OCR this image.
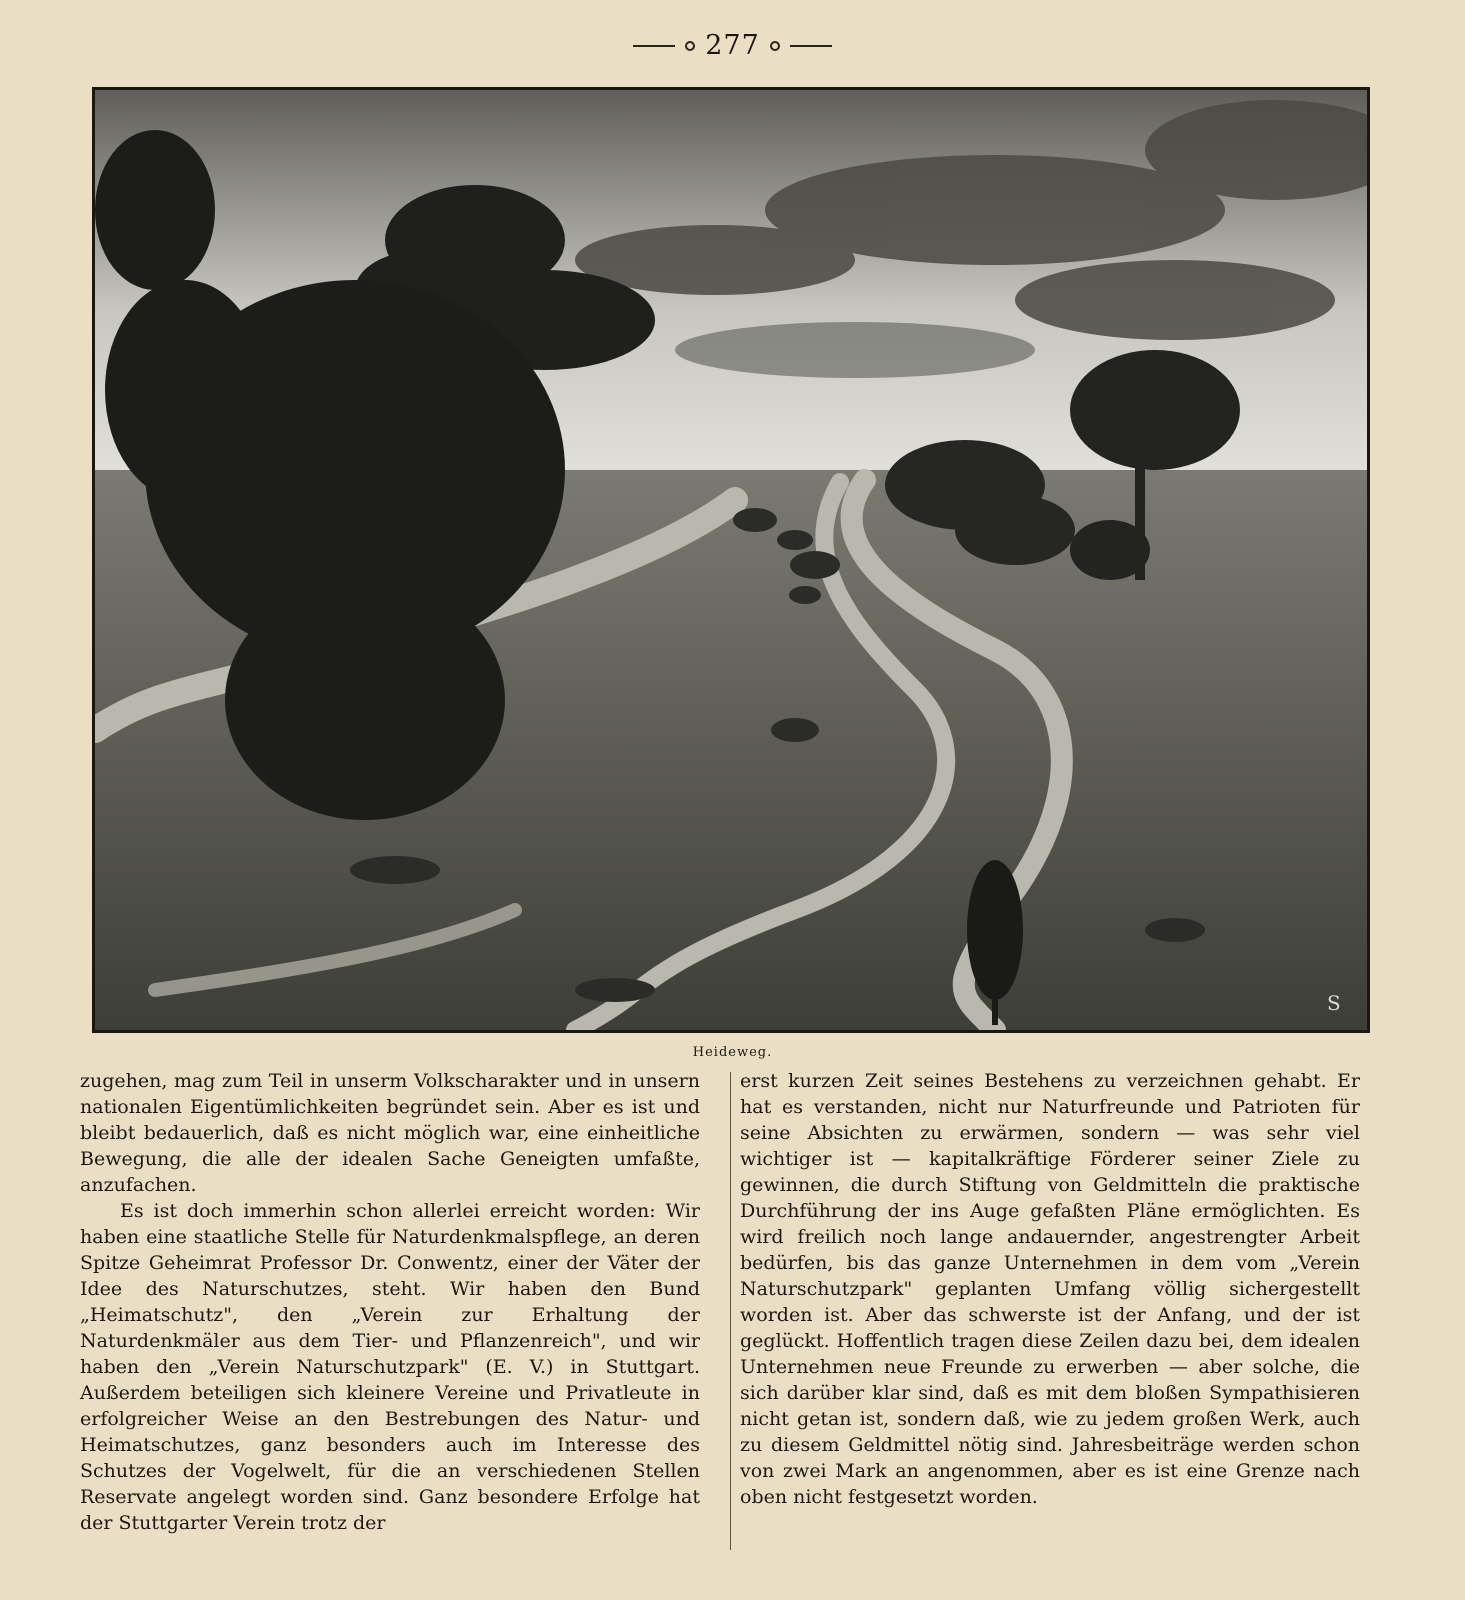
277
S
Heideweg.

zugehen, mag zum Teil in unserm Volkscharakter und in unsern nationalen Eigentümlichkeiten begründet sein. Aber es ist und bleibt bedauerlich, daß es nicht möglich war, eine einheitliche Bewegung, die alle der idealen Sache Geneigten umfaßte, anzufachen.

Es ist doch immerhin schon allerlei erreicht worden: Wir haben eine staatliche Stelle für Naturdenkmalspflege, an deren Spitze Geheimrat Professor Dr. Conwentz, einer der Väter der Idee des Naturschutzes, steht. Wir haben den Bund „Heimatschutz", den „Verein zur Erhaltung der Naturdenkmäler aus dem Tier- und Pflanzenreich", und wir haben den „Verein Naturschutzpark" (E. V.) in Stuttgart. Außerdem beteiligen sich kleinere Vereine und Privatleute in erfolgreicher Weise an den Bestrebungen des Natur- und Heimatschutzes, ganz besonders auch im Interesse des Schutzes der Vogelwelt, für die an verschiedenen Stellen Reservate angelegt worden sind. Ganz besondere Erfolge hat der Stuttgarter Verein trotz der

erst kurzen Zeit seines Bestehens zu verzeichnen gehabt. Er hat es verstanden, nicht nur Naturfreunde und Patrioten für seine Absichten zu erwärmen, sondern — was sehr viel wichtiger ist — kapitalkräftige Förderer seiner Ziele zu gewinnen, die durch Stiftung von Geldmitteln die praktische Durchführung der ins Auge gefaßten Pläne ermöglichten. Es wird freilich noch lange andauernder, angestrengter Arbeit bedürfen, bis das ganze Unternehmen in dem vom „Verein Naturschutzpark" geplanten Umfang völlig sichergestellt worden ist. Aber das schwerste ist der Anfang, und der ist geglückt. Hoffentlich tragen diese Zeilen dazu bei, dem idealen Unternehmen neue Freunde zu erwerben — aber solche, die sich darüber klar sind, daß es mit dem bloßen Sympathisieren nicht getan ist, sondern daß, wie zu jedem großen Werk, auch zu diesem Geldmittel nötig sind. Jahresbeiträge werden schon von zwei Mark an angenommen, aber es ist eine Grenze nach oben nicht festgesetzt worden.
